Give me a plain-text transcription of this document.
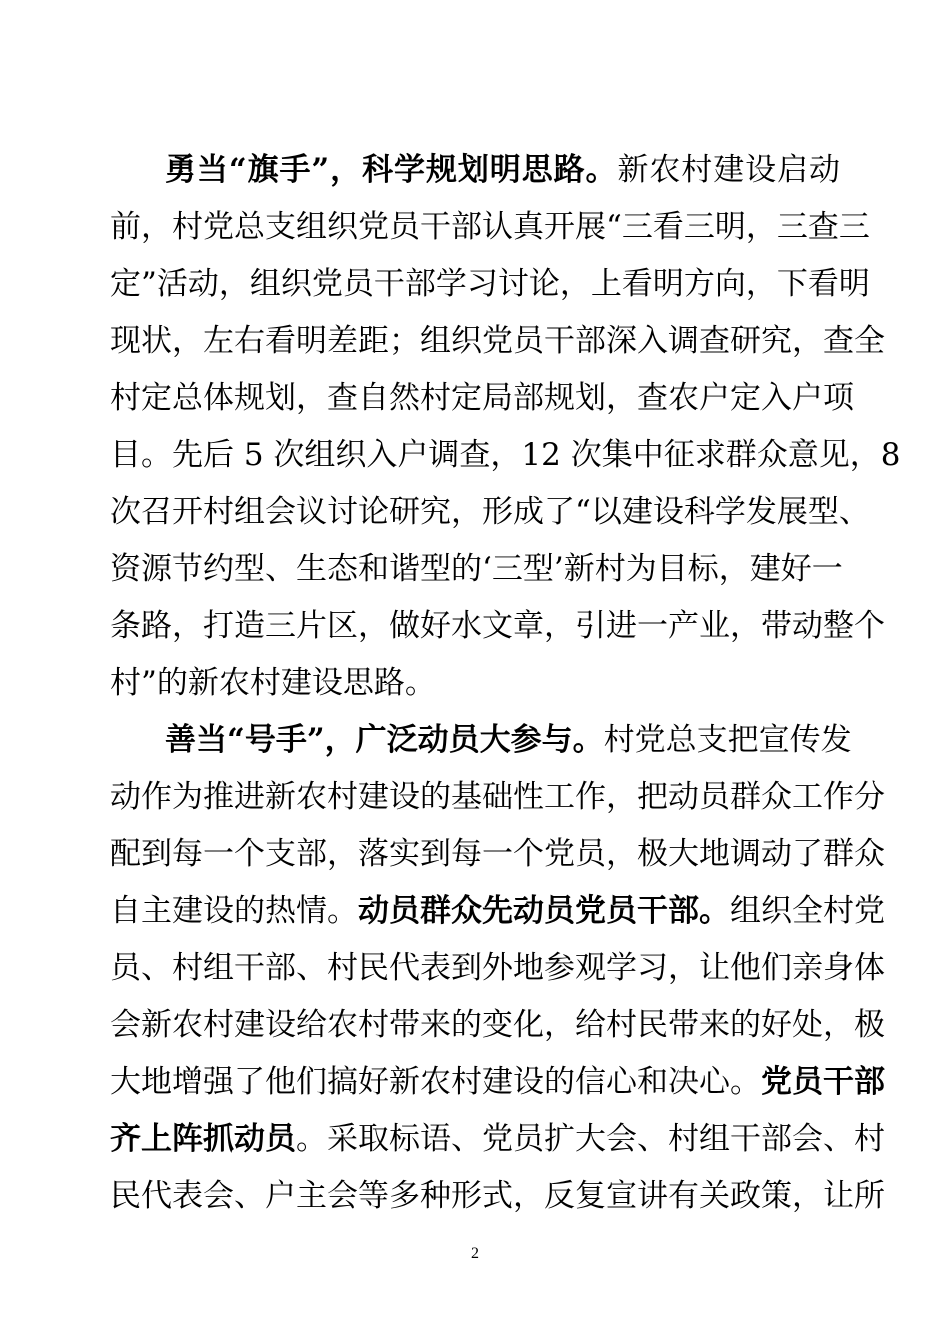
勇当“旗手”，科学规划明思路。新农村建设启动
前，村党总支组织党员干部认真开展“三看三明，三查三
定”活动，组织党员干部学习讨论，上看明方向，下看明
现状，左右看明差距；组织党员干部深入调查研究，查全
村定总体规划，查自然村定局部规划，查农户定入户项
目。先后 5 次组织入户调查，12 次集中征求群众意见，8
次召开村组会议讨论研究，形成了“以建设科学发展型、
资源节约型、生态和谐型的‘三型’新村为目标，建好一
条路，打造三片区，做好水文章，引进一产业，带动整个
村”的新农村建设思路。
善当“号手”，广泛动员大参与。村党总支把宣传发
动作为推进新农村建设的基础性工作，把动员群众工作分
配到每一个支部，落实到每一个党员，极大地调动了群众
自主建设的热情。动员群众先动员党员干部。组织全村党
员、村组干部、村民代表到外地参观学习，让他们亲身体
会新农村建设给农村带来的变化，给村民带来的好处，极
大地增强了他们搞好新农村建设的信心和决心。党员干部
齐上阵抓动员。采取标语、党员扩大会、村组干部会、村
民代表会、户主会等多种形式，反复宣讲有关政策，让所
2
